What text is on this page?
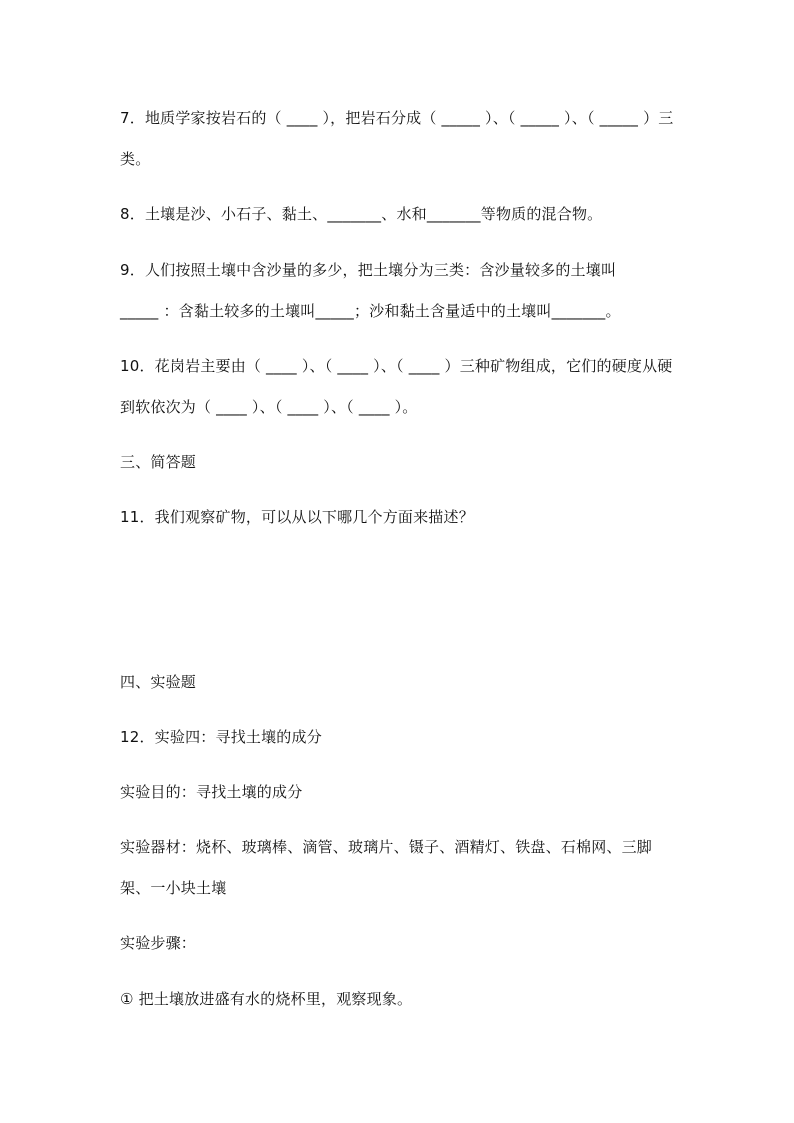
7．地质学家按岩石的（ ____ ），把岩石分成（ _____ ）、（ _____ ）、（ _____ ）三
类。
8．土壤是沙、小石子、黏土、_______、水和_______等物质的混合物。
9．人们按照土壤中含沙量的多少，把土壤分为三类：含沙量较多的土壤叫
_____ ：含黏土较多的土壤叫_____；沙和黏土含量适中的土壤叫_______。
10．花岗岩主要由（ ____ ）、（ ____ ）、（ ____ ）三种矿物组成，它们的硬度从硬
到软依次为（ ____ ）、（ ____ ）、（ ____ ）。
三、简答题
11．我们观察矿物，可以从以下哪几个方面来描述？
四、实验题
12．实验四：寻找土壤的成分
实验目的：寻找土壤的成分
实验器材：烧杯、玻璃棒、滴管、玻璃片、镊子、酒精灯、铁盘、石棉网、三脚
架、一小块土壤
实验步骤：
① 把土壤放进盛有水的烧杯里，观察现象。
